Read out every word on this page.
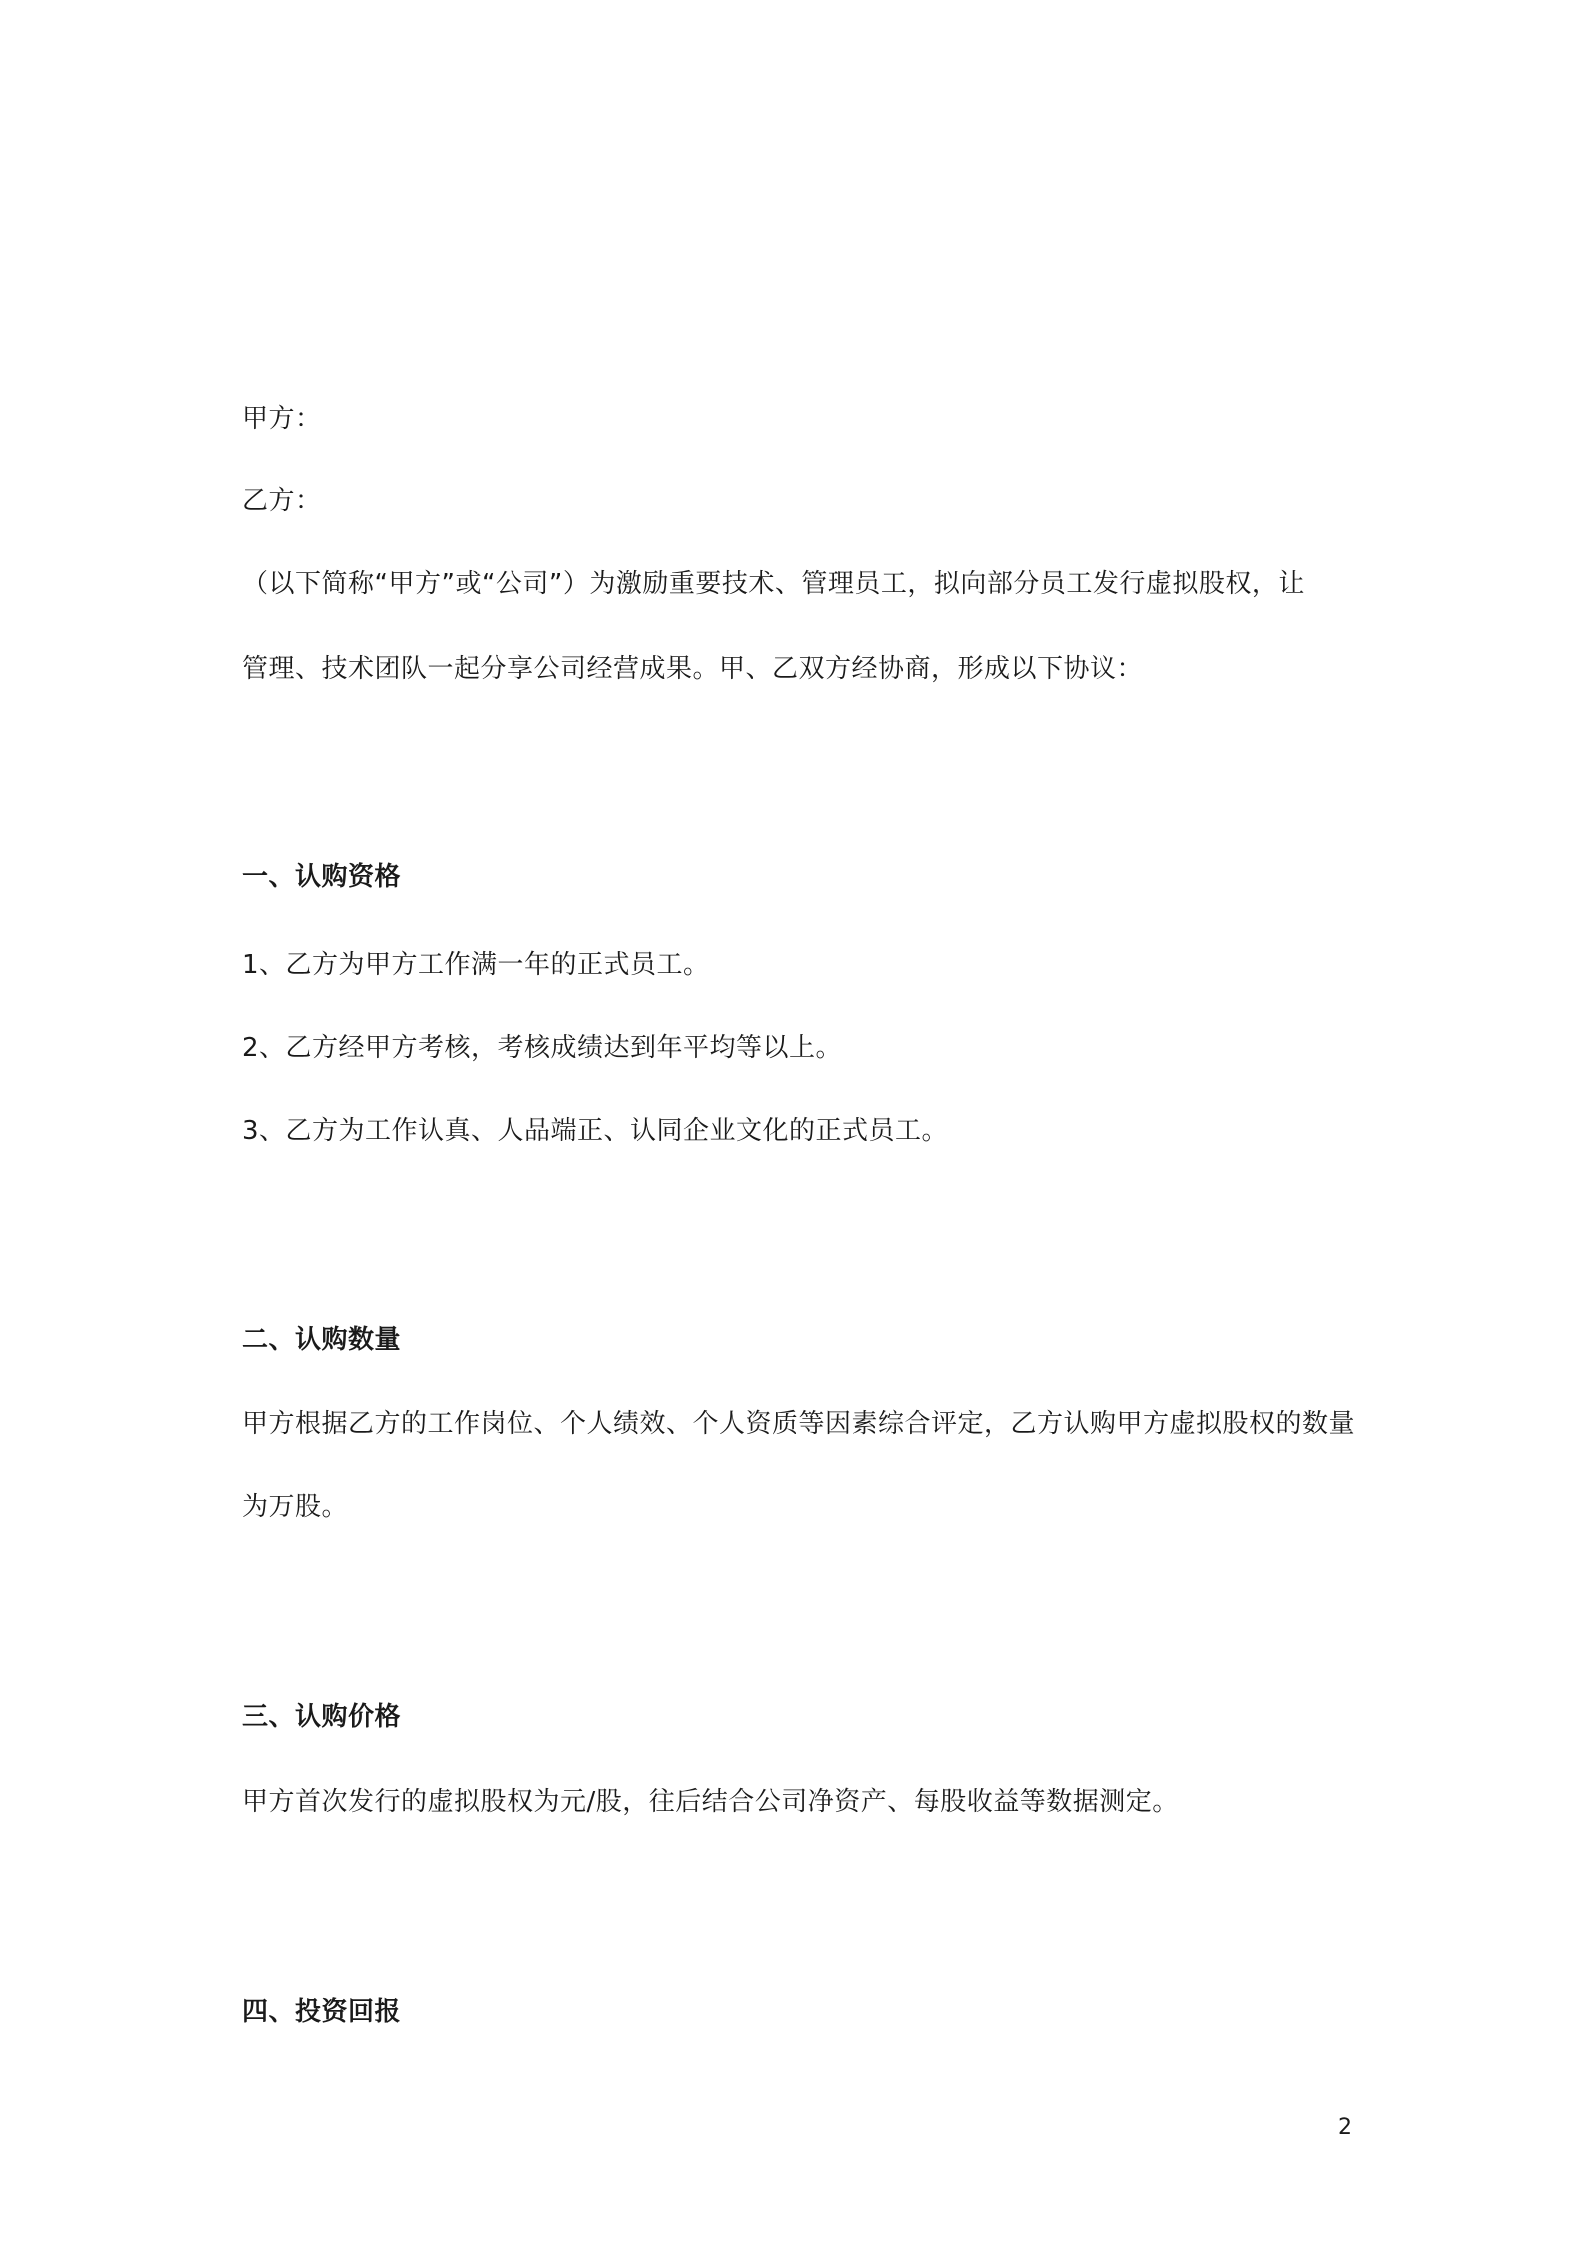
甲方：
乙方：
（以下简称“甲方”或“公司”）为激励重要技术、管理员工，拟向部分员工发行虚拟股权，让
管理、技术团队一起分享公司经营成果。甲、乙双方经协商，形成以下协议：
一、认购资格
1、乙方为甲方工作满一年的正式员工。
2、乙方经甲方考核，考核成绩达到年平均等以上。
3、乙方为工作认真、人品端正、认同企业文化的正式员工。
二、认购数量
甲方根据乙方的工作岗位、个人绩效、个人资质等因素综合评定，乙方认购甲方虚拟股权的数量
为万股。
三、认购价格
甲方首次发行的虚拟股权为元/股，往后结合公司净资产、每股收益等数据测定。
四、投资回报
2
